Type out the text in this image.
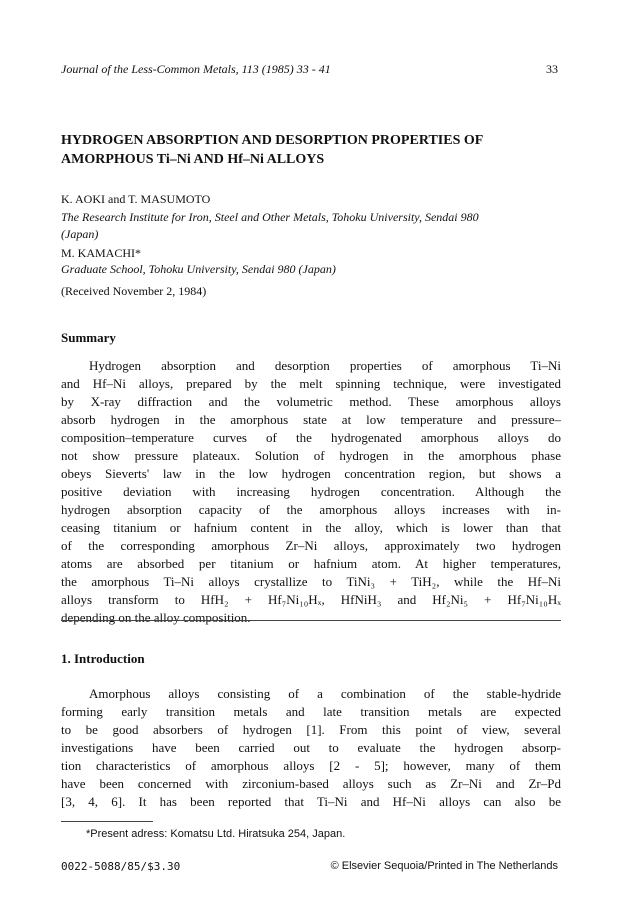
Journal of the Less-Common Metals, 113 (1985) 33 - 41	33
HYDROGEN ABSORPTION AND DESORPTION PROPERTIES OF
AMORPHOUS Ti–Ni AND Hf–Ni ALLOYS
K. AOKI and T. MASUMOTO
The Research Institute for Iron, Steel and Other Metals, Tohoku University, Sendai 980
(Japan)
M. KAMACHI*
Graduate School, Tohoku University, Sendai 980 (Japan)
(Received November 2, 1984)
Summary
Hydrogen absorption and desorption properties of amorphous Ti–Ni
and Hf–Ni alloys, prepared by the melt spinning technique, were investigated
by X-ray diffraction and the volumetric method. These amorphous alloys
absorb hydrogen in the amorphous state at low temperature and pressure–
composition–temperature curves of the hydrogenated amorphous alloys do
not show pressure plateaux. Solution of hydrogen in the amorphous phase
obeys Sieverts' law in the low hydrogen concentration region, but shows a
positive deviation with increasing hydrogen concentration. Although the
hydrogen absorption capacity of the amorphous alloys increases with in-
ceasing titanium or hafnium content in the alloy, which is lower than that
of the corresponding amorphous Zr–Ni alloys, approximately two hydrogen
atoms are absorbed per titanium or hafnium atom. At higher temperatures,
the amorphous Ti–Ni alloys crystallize to TiNi₃ + TiH₂, while the Hf–Ni
alloys transform to HfH₂ + Hf₇Ni₁₀Hₓ, HfNiH₃ and Hf₂Ni₅ + Hf₇Ni₁₀Hₓ
depending on the alloy composition.
1. Introduction
Amorphous alloys consisting of a combination of the stable-hydride
forming early transition metals and late transition metals are expected
to be good absorbers of hydrogen [1]. From this point of view, several
investigations have been carried out to evaluate the hydrogen absorp-
tion characteristics of amorphous alloys [2 - 5]; however, many of them
have been concerned with zirconium-based alloys such as Zr–Ni and Zr–Pd
[3, 4, 6]. It has been reported that Ti–Ni and Hf–Ni alloys can also be
*Present adress: Komatsu Ltd. Hiratsuka 254, Japan.
0022-5088/85/$3.30	© Elsevier Sequoia/Printed in The Netherlands
